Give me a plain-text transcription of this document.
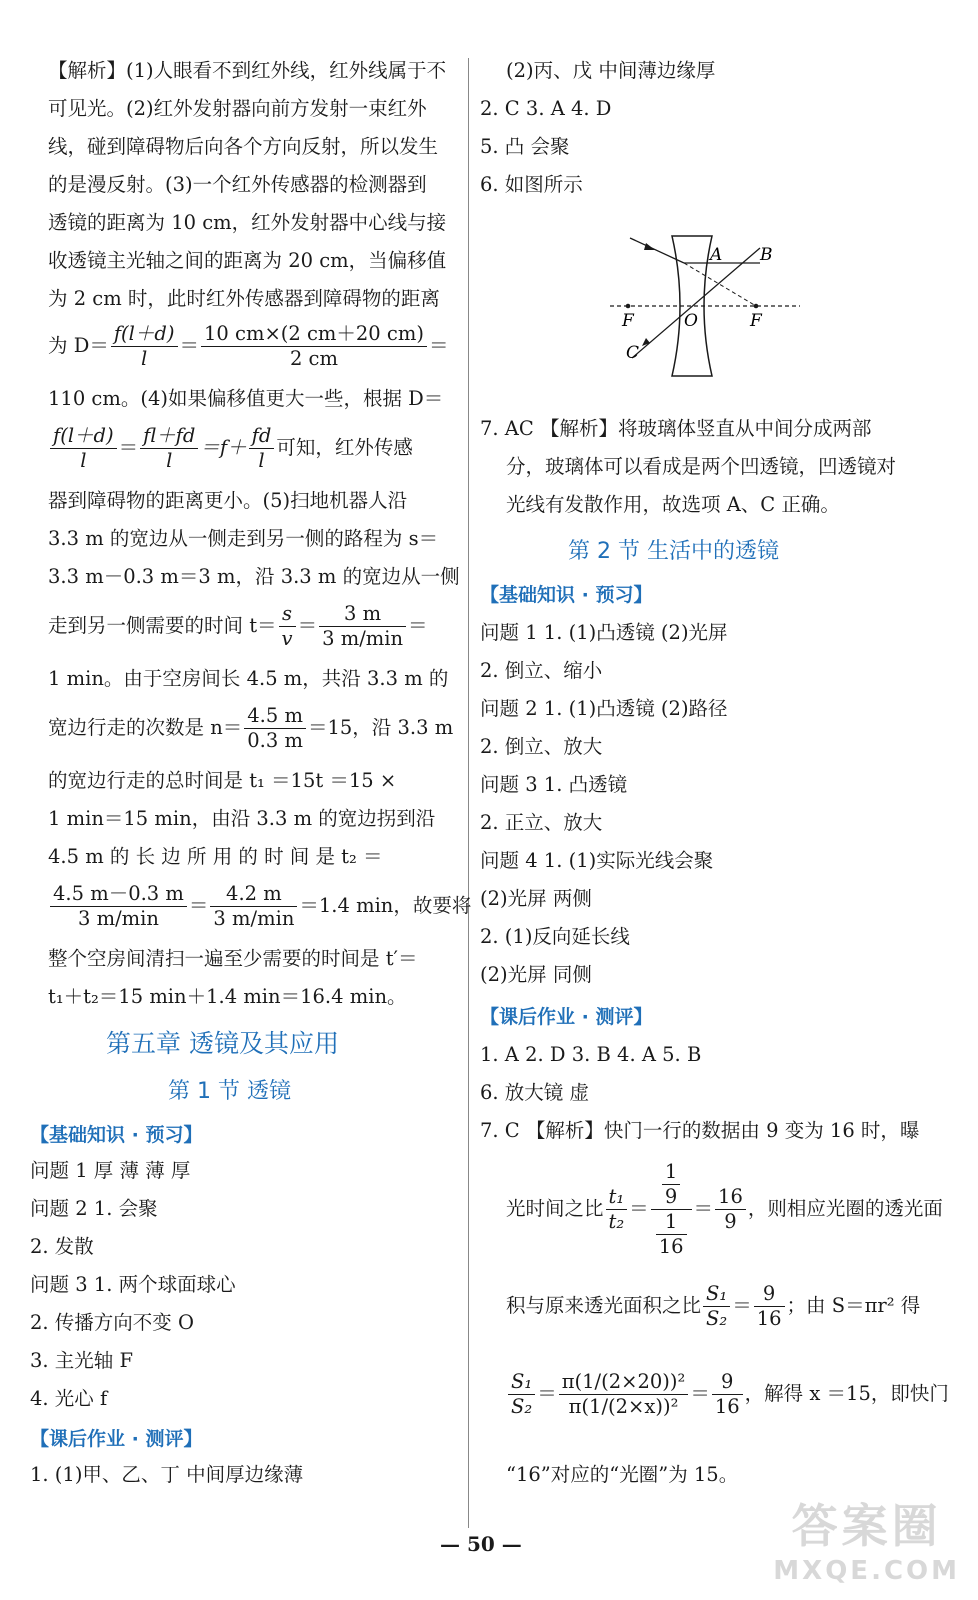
【解析】(1)人眼看不到红外线，红外线属于不
可见光。(2)红外发射器向前方发射一束红外
线，碰到障碍物后向各个方向反射，所以发生
的是漫反射。(3)一个红外传感器的检测器到
透镜的距离为 10 cm，红外发射器中心线与接
收透镜主光轴之间的距离为 20 cm，当偏移值
为 2 cm 时，此时红外传感器到障碍物的距离
为 $D= \frac{f(l+d)}{l} = \frac{10 cm\times(2 cm+20 cm)}{2 cm}$ ＝
110 cm。(4)如果偏移值更大一些，根据 D＝
$\frac{f(l+d)}{l} = \frac{fl+fd}{l} =f+ \frac{fd}{l}$ 可知，红外传感
器到障碍物的距离更小。(5)扫地机器人沿
3.3 m 的宽边从一侧走到另一侧的路程为 s＝
3.3 m－0.3 m＝3 m，沿 3.3 m 的宽边从一侧
走到另一侧需要的时间 $t= \frac{s}{v} = \frac{3 m}{3 m/\min}$ ＝
1 min。由于空房间长 4.5 m，共沿 3.3 m 的
宽边行走的次数是 $n= \frac{4.5 m}{0.3 m} =15$，沿 3.3 m
的宽边行走的总时间是 t₁ ＝15t ＝15 ×
1 min＝15 min，由沿 3.3 m 的宽边拐到沿
4.5 m 的 长 边 所 用 的 时 间 是 t₂ ＝
$\frac{4.5 m-0.3 m}{3 m/\min} = \frac{4.2 m}{3 m/\min} =1.4$ min，故要将
整个空房间清扫一遍至少需要的时间是 t′＝
t₁＋t₂＝15 min＋1.4 min＝16.4 min。
第五章 透镜及其应用
第 1 节 透镜
【基础知识 · 预习】
问题 1 厚 薄 薄 厚
问题 2 1. 会聚
2. 发散
问题 3 1. 两个球面球心
2. 传播方向不变 O
3. 主光轴 F
4. 光心 f
【课后作业 · 测评】
1. (1)甲、乙、丁 中间厚边缘薄
(2)丙、戊 中间薄边缘厚
2. C 3. A 4. D
5. 凸 会聚
6. 如图所示
A B
F	O	F
C
7. AC 【解析】将玻璃体竖直从中间分成两部
分，玻璃体可以看成是两个凹透镜，凹透镜对
光线有发散作用，故选项 A、C 正确。
第 2 节 生活中的透镜
【基础知识 · 预习】
问题 1 1. (1)凸透镜 (2)光屏
2. 倒立、缩小
问题 2 1. (1)凸透镜 (2)路径
2. 倒立、放大
问题 3 1. 凸透镜
2. 正立、放大
问题 4 1. (1)实际光线会聚
(2)光屏 两侧
2. (1)反向延长线
(2)光屏 同侧
【课后作业 · 测评】
1. A 2. D 3. B 4. A 5. B
6. 放大镜 虚
7. C 【解析】快门一行的数据由 9 变为 16 时，曝
光时间之比 $\frac{\text{t₁}}{\text{t₂}} = \frac{\frac{1}{9}}{\frac{1}{16}} = \frac{16}{9}$ ，则相应光圈的透光面
积与原来透光面积之比 $\frac{\text{S₁}}{\text{S₂}} = \frac{9}{16}$ ；由 S＝πr² 得
$\frac{\text{S₁}}{\text{S₂}} = \frac{\text{π(1/(2×20))²}}{\text{π(1/(2×x))²}} = \frac{9}{16}$ ，解得 x ＝15，即快门
“16”对应的“光圈”为 15。
— 50 —	答案圈
MXQE.COM
